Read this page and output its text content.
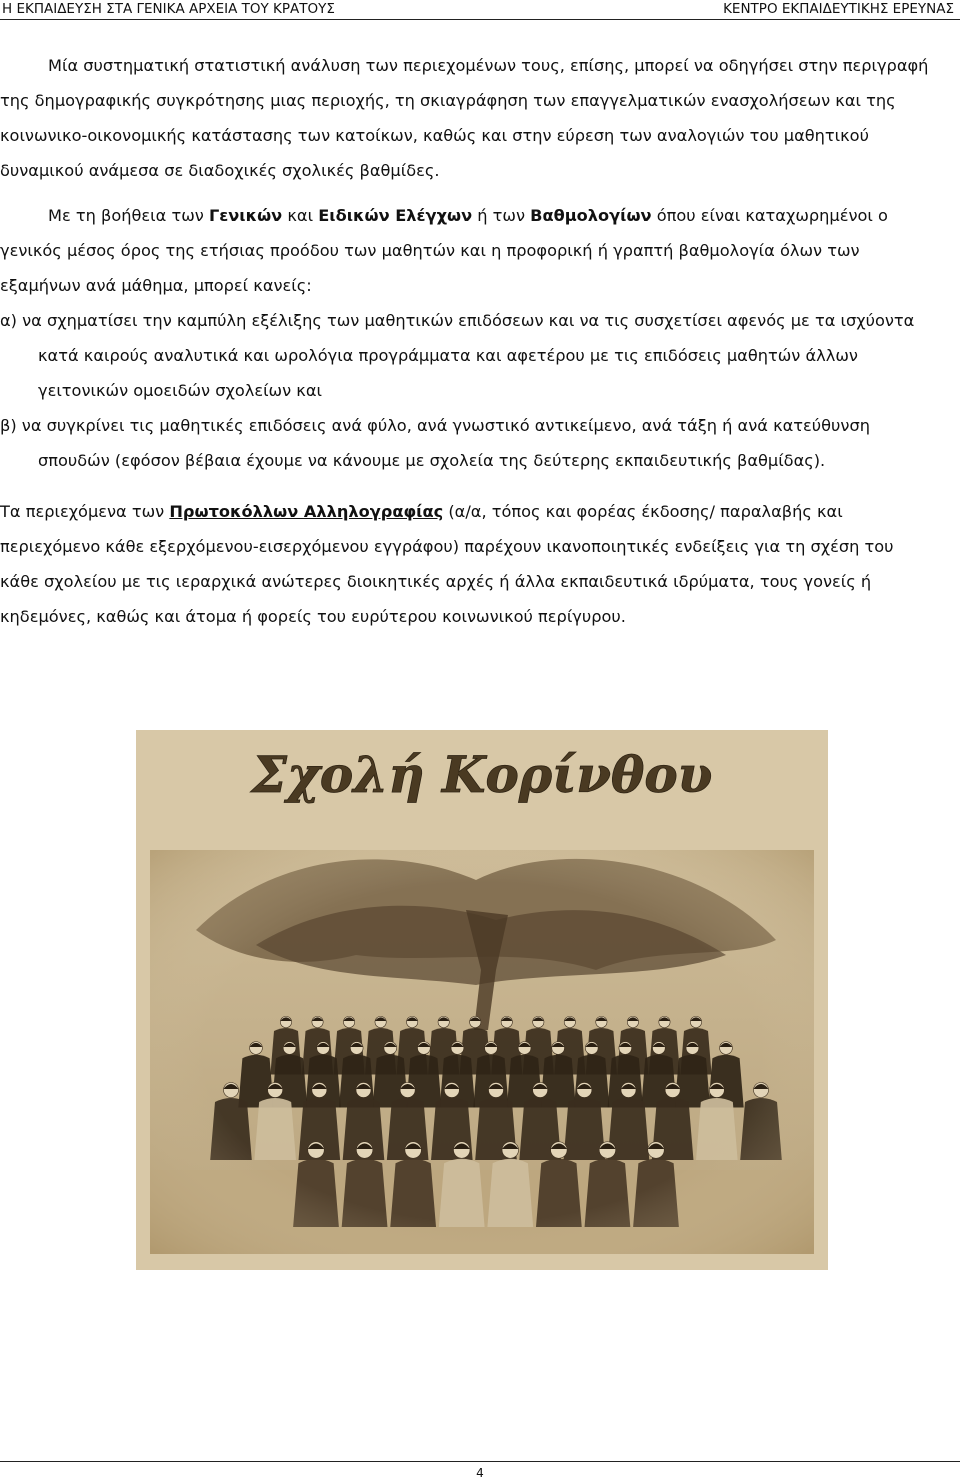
Η ΕΚΠΑΙΔΕΥΣΗ ΣΤΑ ΓΕΝΙΚΑ ΑΡΧΕΙΑ ΤΟΥ ΚΡΑΤΟΥΣ	ΚΕΝΤΡΟ ΕΚΠΑΙΔΕΥΤΙΚΗΣ ΕΡΕΥΝΑΣ

Μία συστηματική στατιστική ανάλυση των περιεχομένων τους, επίσης, μπορεί να οδηγήσει στην περιγραφή
της δημογραφικής συγκρότησης μιας περιοχής, τη σκιαγράφηση των επαγγελματικών ενασχολήσεων και της
κοινωνικο-οικονομικής κατάστασης των κατοίκων, καθώς και στην εύρεση των αναλογιών του μαθητικού
δυναμικού ανάμεσα σε διαδοχικές σχολικές βαθμίδες.

Με τη βοήθεια των Γενικών και Ειδικών Ελέγχων ή των Βαθμολογίων όπου είναι καταχωρημένοι ο
γενικός μέσος όρος της ετήσιας προόδου των μαθητών και η προφορική ή γραπτή βαθμολογία όλων των
εξαμήνων ανά μάθημα, μπορεί κανείς:

α) να σχηματίσει την καμπύλη εξέλιξης των μαθητικών επιδόσεων και να τις συσχετίσει αφενός με τα ισχύοντα
κατά καιρούς αναλυτικά και ωρολόγια προγράμματα και αφετέρου με τις επιδόσεις μαθητών άλλων
γειτονικών ομοειδών σχολείων και
β) να συγκρίνει τις μαθητικές επιδόσεις ανά φύλο, ανά γνωστικό αντικείμενο, ανά τάξη ή ανά κατεύθυνση
σπουδών (εφόσον βέβαια έχουμε να κάνουμε με σχολεία της δεύτερης εκπαιδευτικής βαθμίδας).

Τα περιεχόμενα των Πρωτοκόλλων Αλληλογραφίας (α/α, τόπος και φορέας έκδοσης/ παραλαβής και
περιεχόμενο κάθε εξερχόμενου-εισερχόμενου εγγράφου) παρέχουν ικανοποιητικές ενδείξεις για τη σχέση του
κάθε σχολείου με τις ιεραρχικά ανώτερες διοικητικές αρχές ή άλλα εκπαιδευτικά ιδρύματα, τους γονείς ή
κηδεμόνες, καθώς και άτομα ή φορείς του ευρύτερου κοινωνικού περίγυρου.

Σχολή Κορίνθου
4
